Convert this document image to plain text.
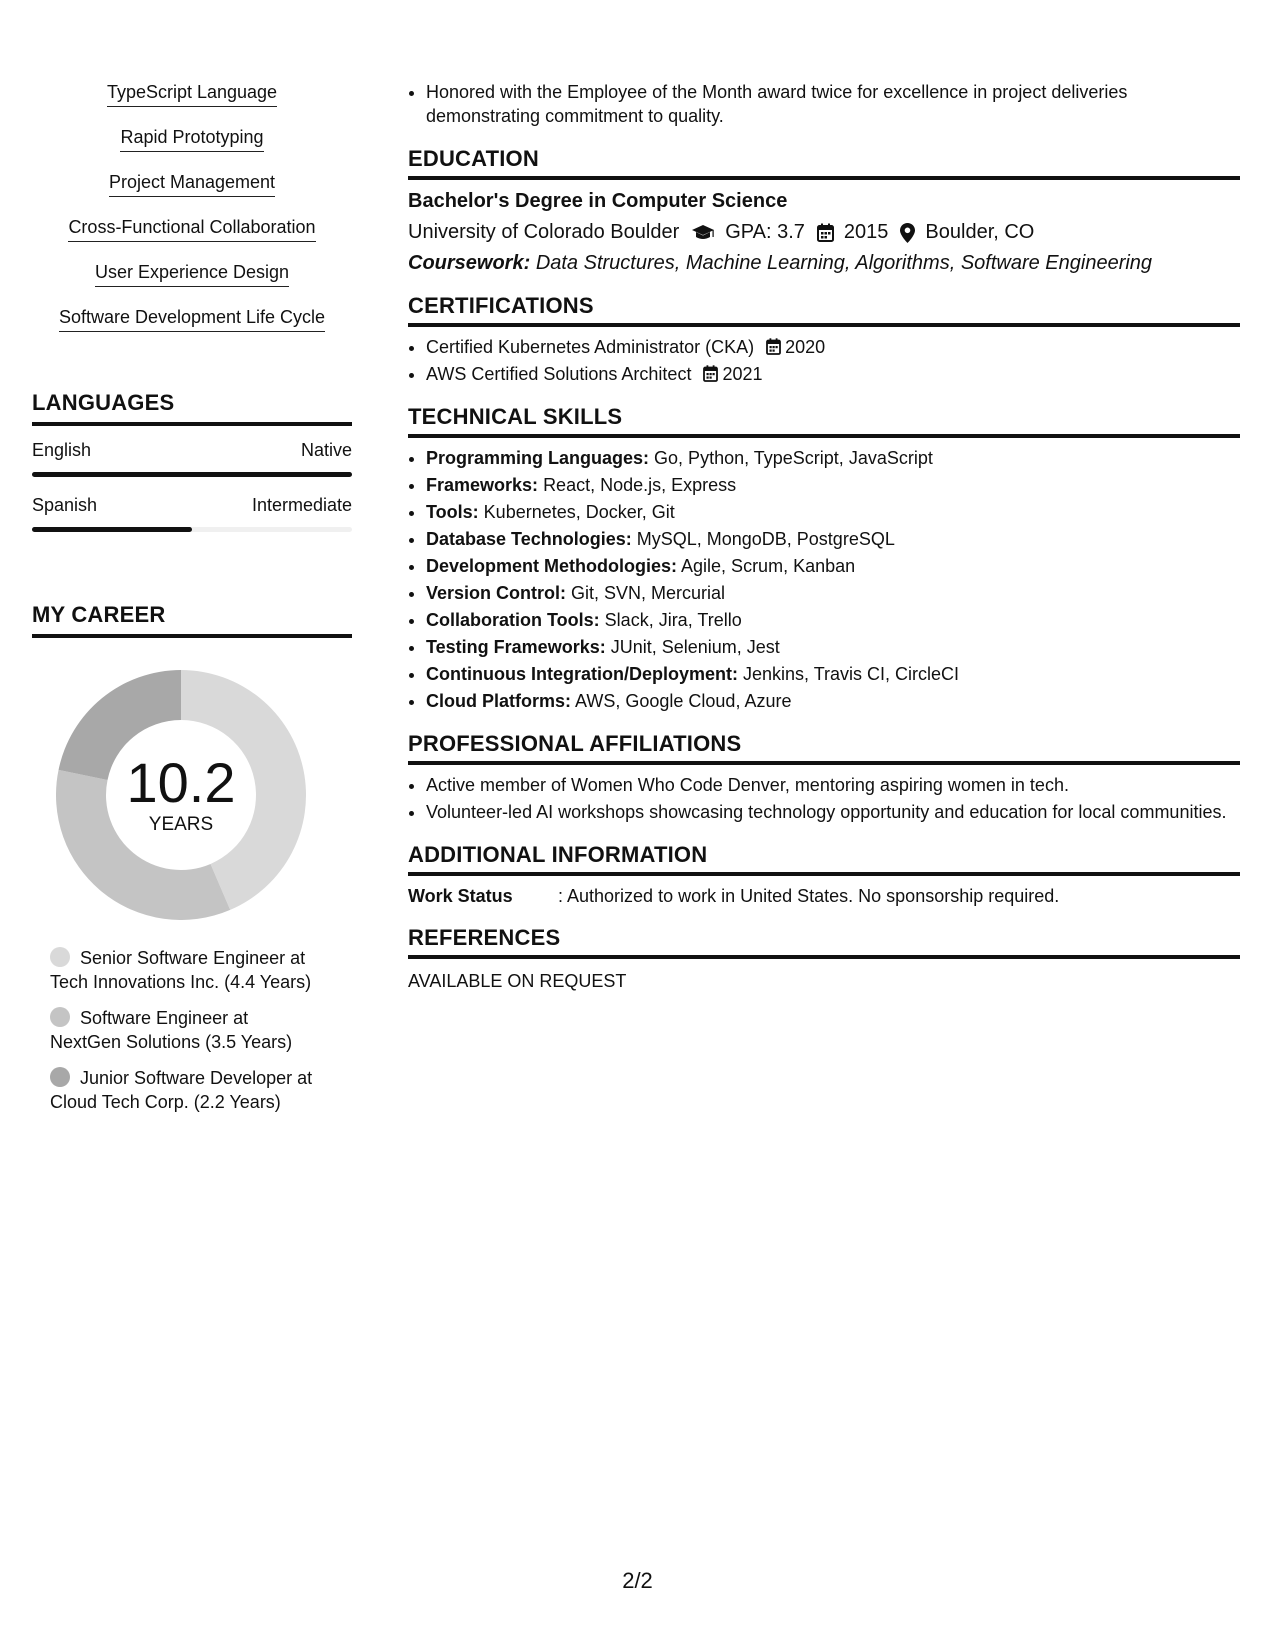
TypeScript Language
Rapid Prototyping
Project Management
Cross-Functional Collaboration
User Experience Design
Software Development Life Cycle
LANGUAGES
English	Native
Spanish	Intermediate
MY CAREER
10.2
YEARS
Senior Software Engineer at
Tech Innovations Inc. (4.4 Years)
Software Engineer at
NextGen Solutions (3.5 Years)
Junior Software Developer at
Cloud Tech Corp. (2.2 Years)
• Honored with the Employee of the Month award twice for excellence in project deliveries demonstrating commitment to quality.
EDUCATION
Bachelor's Degree in Computer Science
University of Colorado Boulder GPA: 3.7 2015 Boulder, CO
Coursework: Data Structures, Machine Learning, Algorithms, Software Engineering
CERTIFICATIONS
• Certified Kubernetes Administrator (CKA) 2020
• AWS Certified Solutions Architect 2021
TECHNICAL SKILLS
• Programming Languages: Go, Python, TypeScript, JavaScript
• Frameworks: React, Node.js, Express
• Tools: Kubernetes, Docker, Git
• Database Technologies: MySQL, MongoDB, PostgreSQL
• Development Methodologies: Agile, Scrum, Kanban
• Version Control: Git, SVN, Mercurial
• Collaboration Tools: Slack, Jira, Trello
• Testing Frameworks: JUnit, Selenium, Jest
• Continuous Integration/Deployment: Jenkins, Travis CI, CircleCI
• Cloud Platforms: AWS, Google Cloud, Azure
PROFESSIONAL AFFILIATIONS
• Active member of Women Who Code Denver, mentoring aspiring women in tech.
• Volunteer-led AI workshops showcasing technology opportunity and education for local communities.
ADDITIONAL INFORMATION
Work Status	: Authorized to work in United States. No sponsorship required.
REFERENCES
AVAILABLE ON REQUEST
2/2
